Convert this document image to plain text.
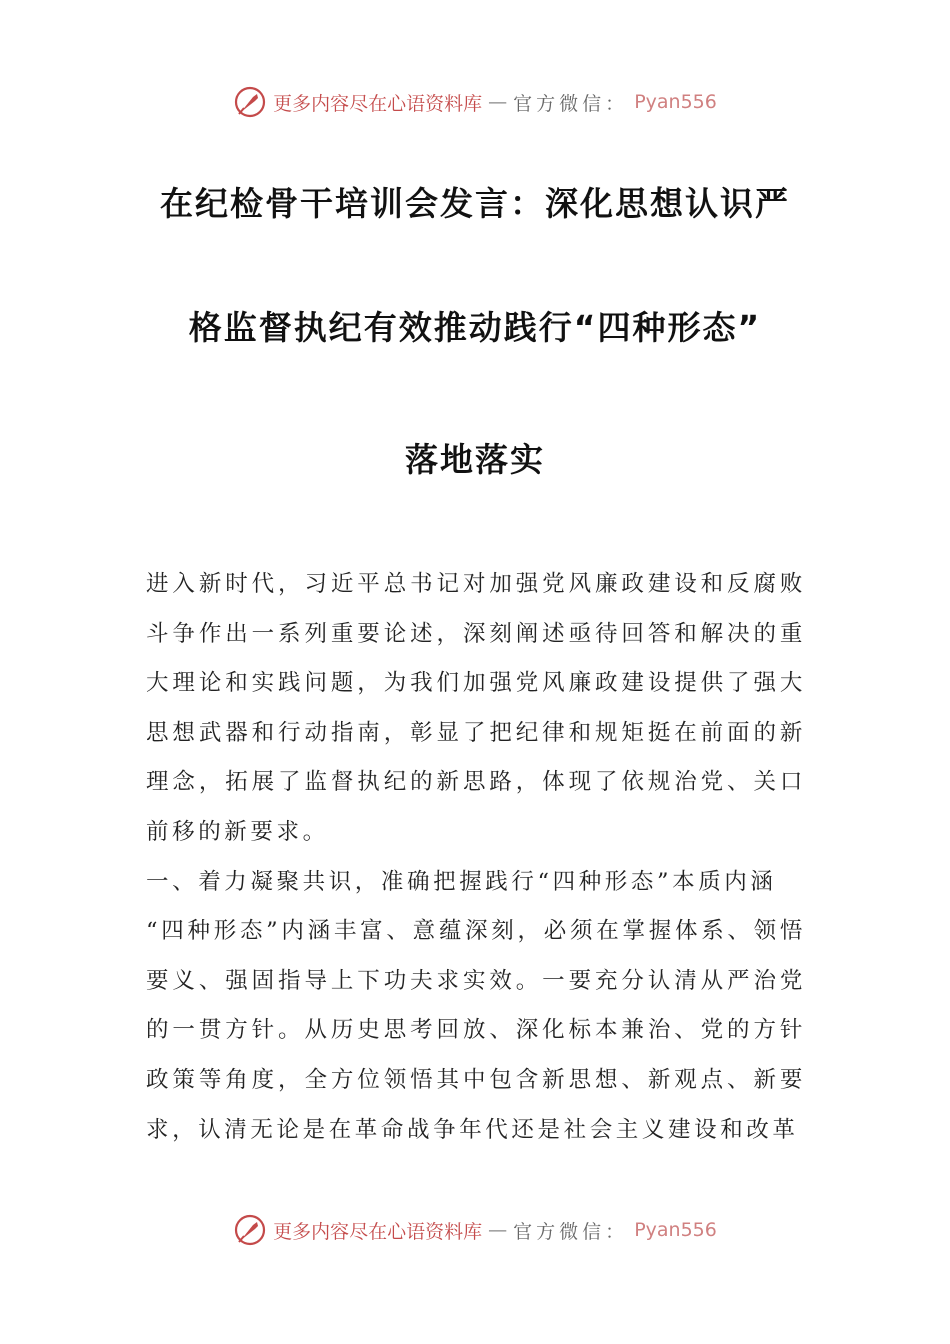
更多内容尽在心语资料库 — 官方微信： Pyan556
在纪检骨干培训会发言：深化思想认识严
格监督执纪有效推动践行“四种形态”
落地落实

进入新时代，习近平总书记对加强党风廉政建设和反腐败斗争作出一系列重要论述，深刻阐述亟待回答和解决的重大理论和实践问题，为我们加强党风廉政建设提供了强大思想武器和行动指南，彰显了把纪律和规矩挺在前面的新理念，拓展了监督执纪的新思路，体现了依规治党、关口前移的新要求。

一、着力凝聚共识，准确把握践行“四种形态”本质内涵

“四种形态”内涵丰富、意蕴深刻，必须在掌握体系、领悟要义、强固指导上下功夫求实效。一要充分认清从严治党的一贯方针。从历史思考回放、深化标本兼治、党的方针政策等角度，全方位领悟其中包含新思想、新观点、新要求，认清无论是在革命战争年代还是社会主义建设和改革

更多内容尽在心语资料库 — 官方微信： Pyan556
